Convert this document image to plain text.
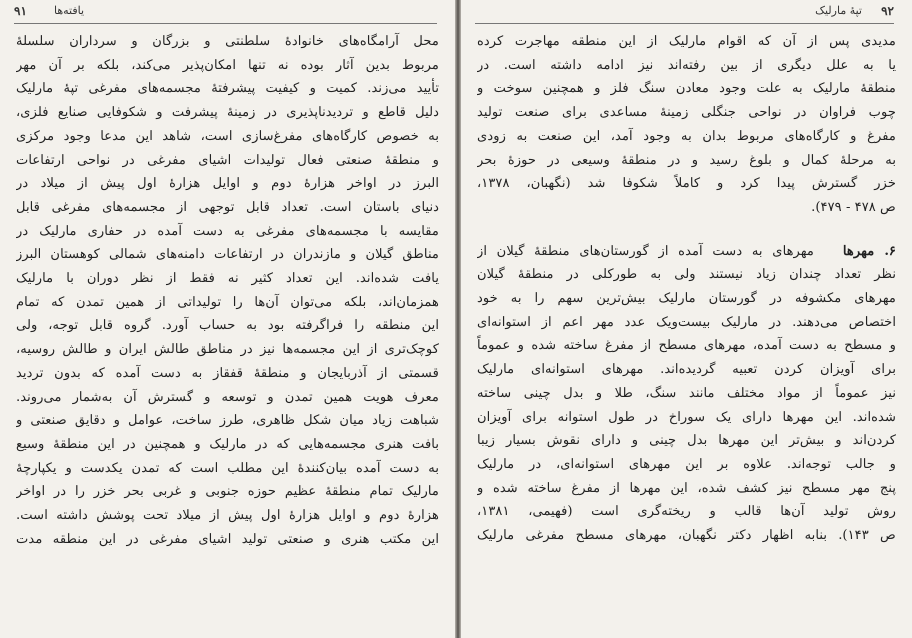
۹۱ یافته‌ها
محل آرامگاه‌های خانوادهٔ سلطنتی و بزرگان و سرداران سلسلهٔ
مربوط بدین آثار بوده نه تنها امکان‌پذیر می‌کند، بلکه بر آن مهر
تأیید می‌زند. کمیت و کیفیت پیشرفتهٔ مجسمه‌های مفرغی تپهٔ مارلیک
دلیل قاطع و تردیدناپذیری در زمینهٔ پیشرفت و شکوفایی صنایع فلزی،
به خصوص کارگاه‌های مفرغ‌سازی است، شاهد این مدعا وجود مرکزی
و منطقهٔ صنعتی فعال تولیدات اشیای مفرغی در نواحی ارتفاعات
البرز در اواخر هزارهٔ دوم و اوایل هزارهٔ اول پیش از میلاد در
دنیای باستان است. تعداد قابل توجهی از مجسمه‌های مفرغی قابل
مقایسه با مجسمه‌های مفرغی به دست آمده در حفاری مارلیک در
مناطق گیلان و مازندران در ارتفاعات دامنه‌های شمالی کوهستان البرز
یافت شده‌اند. این تعداد کثیر نه فقط از نظر دوران با مارلیک
همزمان‌اند، بلکه می‌توان آن‌ها را تولیداتی از همین تمدن که تمام
این منطقه را فراگرفته بود به حساب آورد. گروه قابل توجه، ولی
کوچک‌تری از این مجسمه‌ها نیز در مناطق طالش ایران و طالش روسیه،
قسمتی از آذربایجان و منطقهٔ قفقاز به دست آمده که بدون تردید
معرف هویت همین تمدن و توسعه و گسترش آن به‌شمار می‌روند.
شباهت زیاد میان شکل ظاهری، طرز ساخت، عوامل و دقایق صنعتی و
بافت هنری مجسمه‌هایی که در مارلیک و همچنین در این منطقهٔ وسیع
به دست آمده بیان‌کنندهٔ این مطلب است که تمدن یکدست و یکپارچهٔ
مارلیک تمام منطقهٔ عظیم حوزه جنوبی و غربی بحر خزر را در اواخر
هزارهٔ دوم و اوایل هزارهٔ اول پیش از میلاد تحت پوشش داشته است.
این مکتب هنری و صنعتی تولید اشیای مفرغی در این منطقه مدت
۹۲
تپهٔ مارلیک
مدیدی پس از آن که اقوام مارلیک از این منطقه مهاجرت کرده
یا به علل دیگری از بین رفته‌اند نیز ادامه داشته است. در
منطقهٔ مارلیک به علت وجود معادن سنگ فلز و همچنین سوخت و
چوب فراوان در نواحی جنگلی زمینهٔ مساعدی برای صنعت تولید
مفرغ و کارگاه‌های مربوط بدان به وجود آمد، این صنعت به زودی
به مرحلهٔ کمال و بلوغ رسید و در منطقهٔ وسیعی در حوزهٔ بحر
خزر گسترش پیدا کرد و کاملاً شکوفا شد (نگهبان، ۱۳۷۸،
ص ۴۷۸ - ۴۷۹).
۶. مهرها   مهرهای به دست آمده از گورستان‌های منطقهٔ گیلان از
نظر تعداد چندان زیاد نیستند ولی به طورکلی در منطقهٔ گیلان
مهرهای مکشوفه در گورستان مارلیک بیش‌ترین سهم را به خود
اختصاص می‌دهند. در مارلیک بیست‌ویک عدد مهر اعم از استوانه‌ای
و مسطح به دست آمده، مهرهای مسطح از مفرغ ساخته شده و عموماً
برای آویزان کردن تعبیه گردیده‌اند. مهرهای استوانه‌ای مارلیک
نیز عموماً از مواد مختلف مانند سنگ، طلا و بدل چینی ساخته
شده‌اند. این مهرها دارای یک سوراخ در طول استوانه برای آویزان
کردن‌اند و بیش‌تر این مهرها بدل چینی و دارای نقوش بسیار زیبا
و جالب توجه‌اند. علاوه بر این مهرهای استوانه‌ای، در مارلیک
پنج مهر مسطح نیز کشف شده، این مهرها از مفرغ ساخته شده و
روش تولید آن‌ها قالب و ریخته‌گری است (فهیمی، ۱۳۸۱،
ص ۱۴۳). بنابه اظهار دکتر نگهبان، مهرهای مسطح مفرغی مارلیک
